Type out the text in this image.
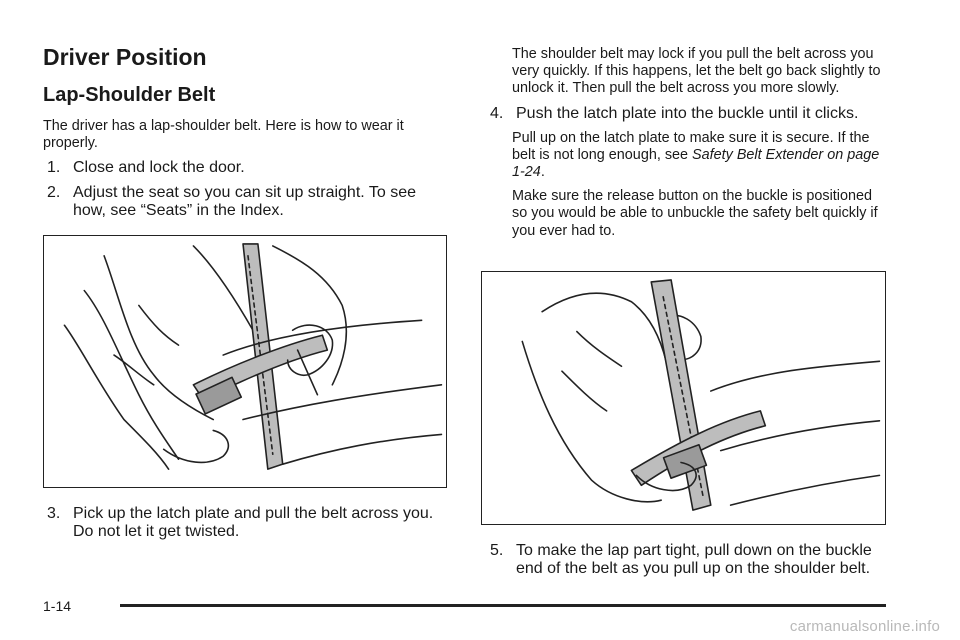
Driver Position
Lap-Shoulder Belt

The driver has a lap-shoulder belt. Here is how to wear it properly.

1. Close and lock the door.
2. Adjust the seat so you can sit up straight. To see how, see “Seats” in the Index.
3. Pick up the latch plate and pull the belt across you. Do not let it get twisted.

The shoulder belt may lock if you pull the belt across you very quickly. If this happens, let the belt go back slightly to unlock it. Then pull the belt across you more slowly.

4. Push the latch plate into the buckle until it clicks.

Pull up on the latch plate to make sure it is secure. If the belt is not long enough, see Safety Belt Extender on page 1-24.

Make sure the release button on the buckle is positioned so you would be able to unbuckle the safety belt quickly if you ever had to.

5. To make the lap part tight, pull down on the buckle end of the belt as you pull up on the shoulder belt.
1-14
carmanualsonline.info
